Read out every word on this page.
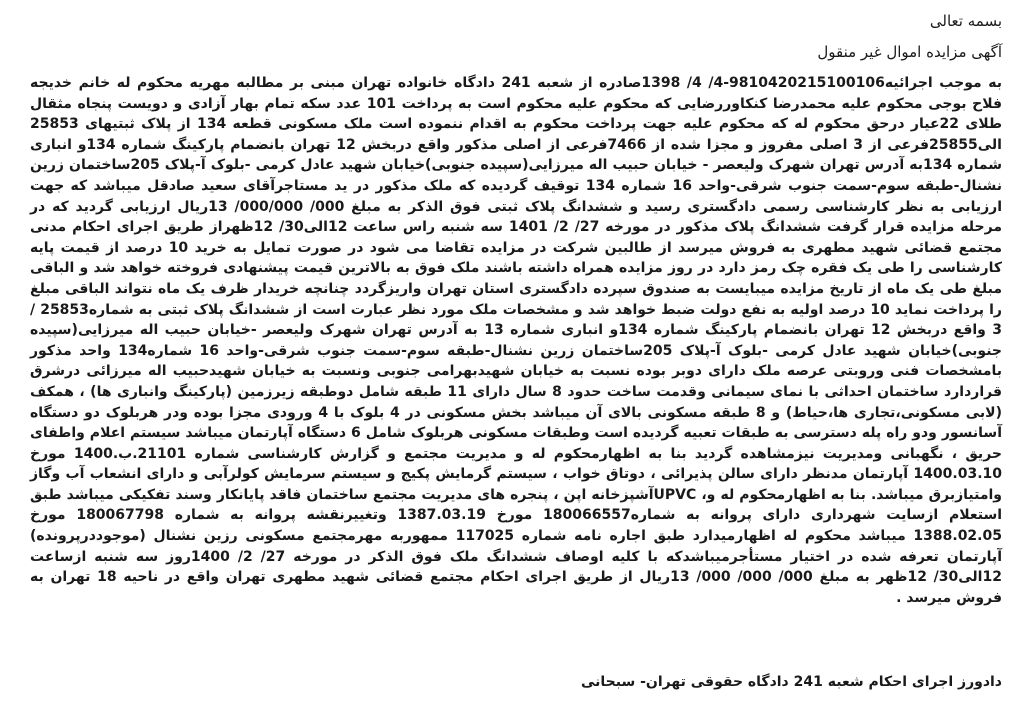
بسمه تعالی

آگهی مزایده اموال غیر منقول

به موجب اجرائیه‌9810420215100106‌-4/ 4/ 1398صادره از شعبه 241 دادگاه خانواده تهران مبنی بر مطالبه مهریه محکوم له خانم خدیجه فلاح بوجی محکوم علیه محمدرضا کنکاوررضایی که محکوم علیه محکوم است به پرداخت 101 عدد سکه تمام بهار آزادی و دویست پنجاه مثقال طلای 22عیار درحق محکوم له که محکوم علیه جهت پرداخت محکوم به اقدام ننموده است ملک مسکونی قطعه 134 از پلاک ثبتیهای 25853 الی25855فرعی از 3 اصلی مفروز و مجزا شده از 7466فرعی از اصلی مذکور واقع دربخش 12 تهران بانضمام پارکینگ شماره 134و انباری شماره 134به آدرس تهران شهرک ولیعصر - خیابان حبیب اله میرزایی(سپیده جنوبی)خیابان شهید عادل کرمی -بلوک آ-پلاک 205ساختمان زرین نشنال-طبقه سوم-سمت جنوب شرقی-واحد 16 شماره 134 توقیف گردیده که ملک مذکور در ید مستاجرآقای سعید صادقل میباشد که جهت ارزیابی به نظر کارشناسی رسمی دادگستری رسید و ششدانگ پلاک ثبتی فوق الذکر به مبلغ 000/ 000/000/ 13ریال ارزیابی گردید که در مرحله مزایده قرار گرفت ششدانگ پلاک مذکور در مورخه 27/ 2/ 1401 سه شنبه راس ساعت 12الی30/ 12ظهراز طریق اجرای احکام مدنی مجتمع قضائی شهید مطهری به فروش میرسد از طالبین شرکت در مزایده تقاضا می شود در صورت تمایل به خرید 10 درصد از قیمت پایه کارشناسی را طی یک فقره چک رمز دارد در روز مزایده همراه داشته باشند ملک فوق به بالاترین قیمت پیشنهادی فروخته خواهد شد و الباقی مبلغ طی یک ماه از تاریخ مزایده میبایست به صندوق سپرده دادگستری استان تهران واریزگردد چنانچه خریدار ظرف یک ماه نتواند الباقی مبلغ را پرداخت نماید 10 درصد اولیه به نفع دولت ضبط خواهد شد و مشخصات ملک مورد نظر عبارت است از ششدانگ پلاک ثبتی به شماره25853 / 3 واقع دربخش 12 تهران بانضمام پارکینگ شماره 134و انباری شماره 13 به آدرس تهران شهرک ولیعصر -خیابان حبیب اله میرزایی(سپیده جنوبی)خیابان شهید عادل کرمی -بلوک آ-پلاک 205ساختمان زرین نشنال-طبقه سوم-سمت جنوب شرقی-واحد 16 شماره134 واحد مذکور بامشخصات فنی وروبتی عرصه ملک دارای دوبر بوده نسبت به خیابان شهیدبهرامی جنوبی ونسبت به خیابان شهیدحبیب اله میرزائی درشرق قراردارد ساختمان احداثی با نمای سیمانی وقدمت ساخت حدود 8 سال دارای 11 طبقه شامل دوطبقه زیرزمین (پارکینگ وانباری ها) ، همکف (لابی مسکونی،تجاری ها،حیاط) و 8 طبقه مسکونی بالای آن میباشد بخش مسکونی در 4 بلوک با 4 ورودی مجزا بوده ودر هربلوک دو دستگاه آسانسور ودو راه پله دسترسی به طبقات تعبیه گردیده است وطبقات مسکونی هربلوک شامل 6 دستگاه آپارتمان میباشد سیستم اعلام واطفای حریق ، نگهبانی ومدیریت نیزمشاهده گردید بنا به اظهارمحکوم له و مدیریت مجتمع و گزارش کارشناسی شماره 21101.ب.1400 مورخ 1400.03.10 آپارتمان مدنظر دارای سالن پذیرائی ، دوتاق خواب ، سیستم گرمایش پکیج و سیستم سرمایش کولرآبی و دارای انشعاب آب وگاز وامتیازبرق میباشد. بنا به اظهارمحکوم له و، UPVCآشپزخانه اپن ، پنجره های مدیریت مجتمع ساختمان فاقد پایانکار وسند تفکیکی میباشد طبق استعلام ازسایت شهرداری دارای پروانه به شماره180066557 مورخ 1387.03.19 وتغییرنقشه پروانه به شماره 180067798 مورخ 1388.02.05 میباشد محکوم له اظهارمیدارد طبق اجاره نامه شماره 117025 ممهوربه مهرمجتمع مسکونی رزین نشنال (موجوددرپرونده) آپارتمان تعرفه شده در اختیار مستأجرمیباشدکه با کلیه اوصاف ششدانگ ملک فوق الذکر در مورخه 27/ 2/ 1400روز سه شنبه ازساعت 12الی30/ 12ظهر به مبلغ 000/ 000/ 000/ 13ریال از طریق اجرای احکام مجتمع قضائی شهید مطهری تهران واقع در ناحیه 18 تهران به فروش میرسد .
دادورز اجرای احکام شعبه 241 دادگاه حقوقی تهران- سبحانی
